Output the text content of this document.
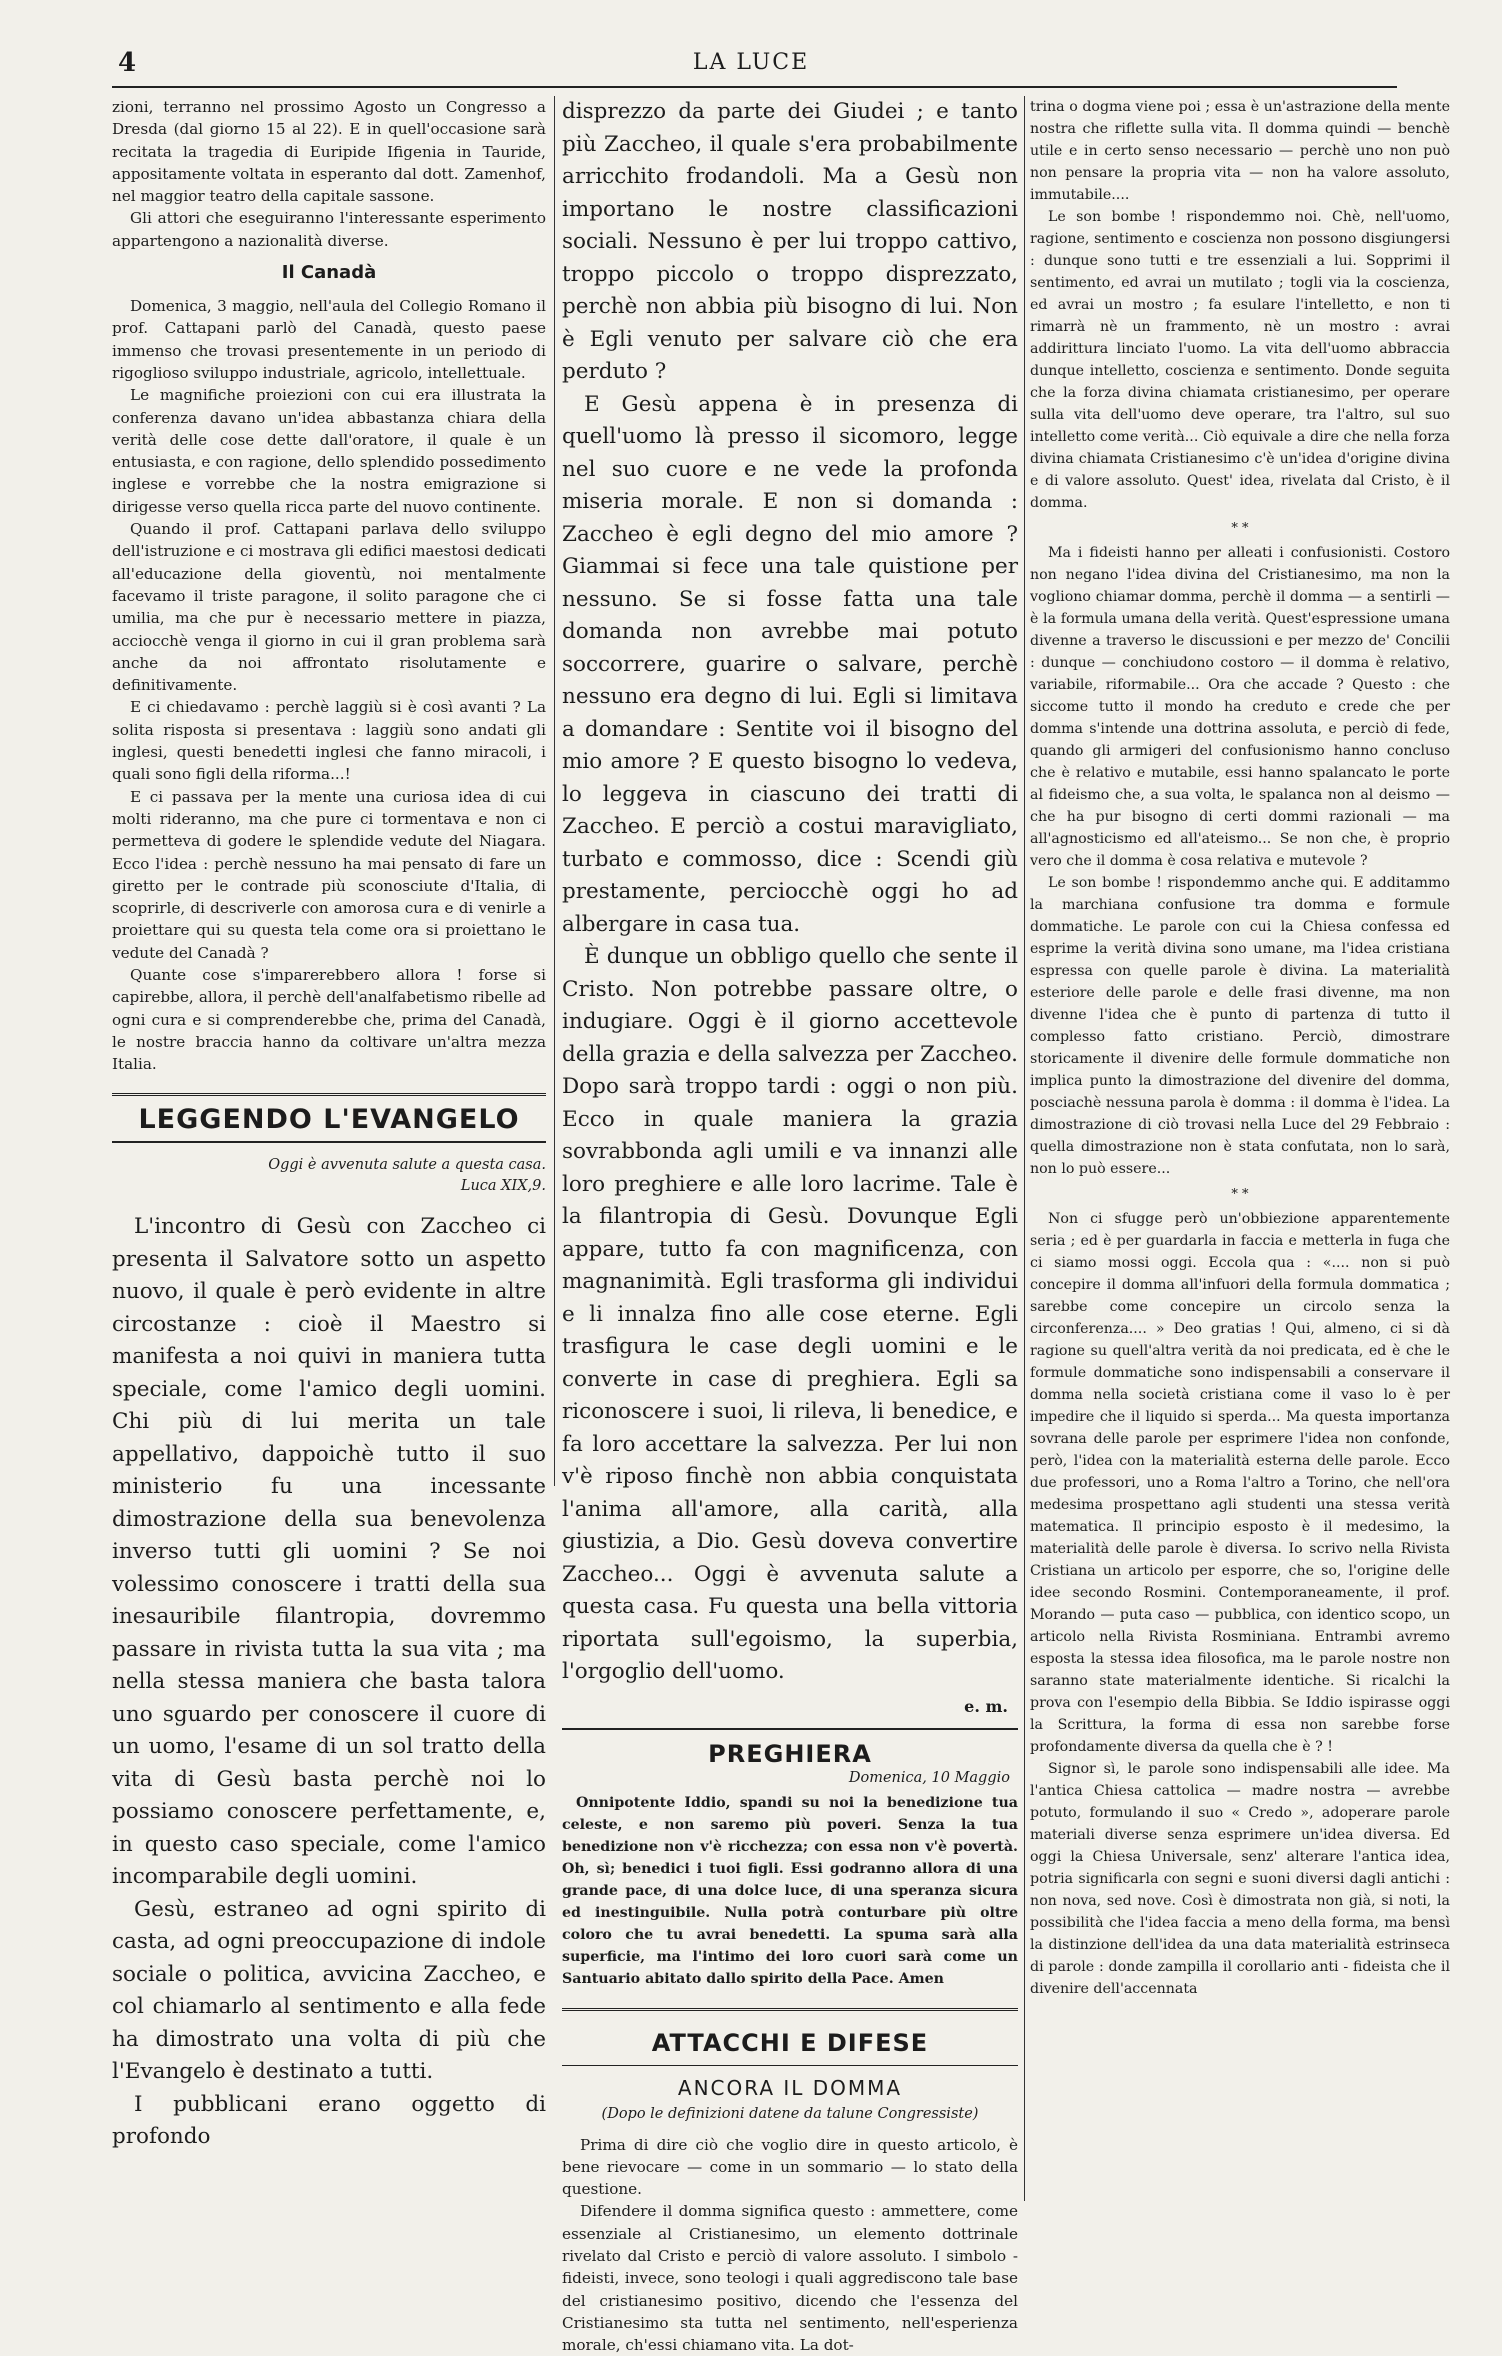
4	LA LUCE

zioni, terranno nel prossimo Agosto un Congresso a Dresda (dal giorno 15 al 22). E in quell'occasione sarà recitata la tragedia di Euripide Ifigenia in Tauride, appositamente voltata in esperanto dal dott. Zamenhof, nel maggior teatro della capitale sassone.

Gli attori che eseguiranno l'interessante esperimento appartengono a nazionalità diverse.

Il Canadà

Domenica, 3 maggio, nell'aula del Collegio Romano il prof. Cattapani parlò del Canadà, questo paese immenso che trovasi presentemente in un periodo di rigoglioso sviluppo industriale, agricolo, intellettuale.

Le magnifiche proiezioni con cui era illustrata la conferenza davano un'idea abbastanza chiara della verità delle cose dette dall'oratore, il quale è un entusiasta, e con ragione, dello splendido possedimento inglese e vorrebbe che la nostra emigrazione si dirigesse verso quella ricca parte del nuovo continente.

Quando il prof. Cattapani parlava dello sviluppo dell'istruzione e ci mostrava gli edifici maestosi dedicati all'educazione della gioventù, noi mentalmente facevamo il triste paragone, il solito paragone che ci umilia, ma che pur è necessario mettere in piazza, acciocchè venga il giorno in cui il gran problema sarà anche da noi affrontato risolutamente e definitivamente.

E ci chiedavamo : perchè laggiù si è così avanti ? La solita risposta si presentava : laggiù sono andati gli inglesi, questi benedetti inglesi che fanno miracoli, i quali sono figli della riforma...!

E ci passava per la mente una curiosa idea di cui molti rideranno, ma che pure ci tormentava e non ci permetteva di godere le splendide vedute del Niagara. Ecco l'idea : perchè nessuno ha mai pensato di fare un giretto per le contrade più sconosciute d'Italia, di scoprirle, di descriverle con amorosa cura e di venirle a proiettare qui su questa tela come ora si proiettano le vedute del Canadà ?

Quante cose s'imparerebbero allora ! forse si capirebbe, allora, il perchè dell'analfabetismo ribelle ad ogni cura e si comprenderebbe che, prima del Canadà, le nostre braccia hanno da coltivare un'altra mezza Italia.

LEGGENDO L'EVANGELO
Oggi è avvenuta salute a questa casa.
Luca XIX,9.

L'incontro di Gesù con Zaccheo ci presenta il Salvatore sotto un aspetto nuovo, il quale è però evidente in altre circostanze : cioè il Maestro si manifesta a noi quivi in maniera tutta speciale, come l'amico degli uomini. Chi più di lui merita un tale appellativo, dappoichè tutto il suo ministerio fu una incessante dimostrazione della sua benevolenza inverso tutti gli uomini ? Se noi volessimo conoscere i tratti della sua inesauribile filantropia, dovremmo passare in rivista tutta la sua vita ; ma nella stessa maniera che basta talora uno sguardo per conoscere il cuore di un uomo, l'esame di un sol tratto della vita di Gesù basta perchè noi lo possiamo conoscere perfettamente, e, in questo caso speciale, come l'amico incomparabile degli uomini.

Gesù, estraneo ad ogni spirito di casta, ad ogni preoccupazione di indole sociale o politica, avvicina Zaccheo, e col chiamarlo al sentimento e alla fede ha dimostrato una volta di più che l'Evangelo è destinato a tutti.

I pubblicani erano oggetto di profondo

disprezzo da parte dei Giudei ; e tanto più Zaccheo, il quale s'era probabilmente arricchito frodandoli. Ma a Gesù non importano le nostre classificazioni sociali. Nessuno è per lui troppo cattivo, troppo piccolo o troppo disprezzato, perchè non abbia più bisogno di lui. Non è Egli venuto per salvare ciò che era perduto ?

E Gesù appena è in presenza di quell'uomo là presso il sicomoro, legge nel suo cuore e ne vede la profonda miseria morale. E non si domanda : Zaccheo è egli degno del mio amore ? Giammai si fece una tale quistione per nessuno. Se si fosse fatta una tale domanda non avrebbe mai potuto soccorrere, guarire o salvare, perchè nessuno era degno di lui. Egli si limitava a domandare : Sentite voi il bisogno del mio amore ? E questo bisogno lo vedeva, lo leggeva in ciascuno dei tratti di Zaccheo. E perciò a costui maravigliato, turbato e commosso, dice : Scendi giù prestamente, perciocchè oggi ho ad albergare in casa tua.

È dunque un obbligo quello che sente il Cristo. Non potrebbe passare oltre, o indugiare. Oggi è il giorno accettevole della grazia e della salvezza per Zaccheo. Dopo sarà troppo tardi : oggi o non più. Ecco in quale maniera la grazia sovrabbonda agli umili e va innanzi alle loro preghiere e alle loro lacrime. Tale è la filantropia di Gesù. Dovunque Egli appare, tutto fa con magnificenza, con magnanimità. Egli trasforma gli individui e li innalza fino alle cose eterne. Egli trasfigura le case degli uomini e le converte in case di preghiera. Egli sa riconoscere i suoi, li rileva, li benedice, e fa loro accettare la salvezza. Per lui non v'è riposo finchè non abbia conquistata l'anima all'amore, alla carità, alla giustizia, a Dio. Gesù doveva convertire Zaccheo... Oggi è avvenuta salute a questa casa. Fu questa una bella vittoria riportata sull'egoismo, la superbia, l'orgoglio dell'uomo.

e. m.
PREGHIERA
Domenica, 10 Maggio

Onnipotente Iddio, spandi su noi la benedizione tua celeste, e non saremo più poveri. Senza la tua benedizione non v'è ricchezza; con essa non v'è povertà. Oh, sì; benedici i tuoi figli. Essi godranno allora di una grande pace, di una dolce luce, di una speranza sicura ed inestinguibile. Nulla potrà conturbare più oltre coloro che tu avrai benedetti. La spuma sarà alla superficie, ma l'intimo dei loro cuori sarà come un Santuario abitato dallo spirito della Pace. Amen

ATTACCHI E DIFESE
ANCORA IL DOMMA
(Dopo le definizioni datene da talune Congressiste)

Prima di dire ciò che voglio dire in questo articolo, è bene rievocare — come in un sommario — lo stato della questione.

Difendere il domma significa questo : ammettere, come essenziale al Cristianesimo, un elemento dottrinale rivelato dal Cristo e perciò di valore assoluto. I simbolo - fideisti, invece, sono teologi i quali aggrediscono tale base del cristianesimo positivo, dicendo che l'essenza del Cristianesimo sta tutta nel sentimento, nell'esperienza morale, ch'essi chiamano vita. La dot-

trina o dogma viene poi ; essa è un'astrazione della mente nostra che riflette sulla vita. Il domma quindi — benchè utile e in certo senso necessario — perchè uno non può non pensare la propria vita — non ha valore assoluto, immutabile....

Le son bombe ! rispondemmo noi. Chè, nell'uomo, ragione, sentimento e coscienza non possono disgiungersi : dunque sono tutti e tre essenziali a lui. Sopprimi il sentimento, ed avrai un mutilato ; togli via la coscienza, ed avrai un mostro ; fa esulare l'intelletto, e non ti rimarrà nè un frammento, nè un mostro : avrai addirittura linciato l'uomo. La vita dell'uomo abbraccia dunque intelletto, coscienza e sentimento. Donde seguita che la forza divina chiamata cristianesimo, per operare sulla vita dell'uomo deve operare, tra l'altro, sul suo intelletto come verità... Ciò equivale a dire che nella forza divina chiamata Cristianesimo c'è un'idea d'origine divina e di valore assoluto. Quest' idea, rivelata dal Cristo, è il domma.

* *

Ma i fideisti hanno per alleati i confusionisti. Costoro non negano l'idea divina del Cristianesimo, ma non la vogliono chiamar domma, perchè il domma — a sentirli — è la formula umana della verità. Quest'espressione umana divenne a traverso le discussioni e per mezzo de' Concilii : dunque — conchiudono costoro — il domma è relativo, variabile, riformabile... Ora che accade ? Questo : che siccome tutto il mondo ha creduto e crede che per domma s'intende una dottrina assoluta, e perciò di fede, quando gli armigeri del confusionismo hanno concluso che è relativo e mutabile, essi hanno spalancato le porte al fideismo che, a sua volta, le spalanca non al deismo — che ha pur bisogno di certi dommi razionali — ma all'agnosticismo ed all'ateismo... Se non che, è proprio vero che il domma è cosa relativa e mutevole ?

Le son bombe ! rispondemmo anche qui. E additammo la marchiana confusione tra domma e formule dommatiche. Le parole con cui la Chiesa confessa ed esprime la verità divina sono umane, ma l'idea cristiana espressa con quelle parole è divina. La materialità esteriore delle parole e delle frasi divenne, ma non divenne l'idea che è punto di partenza di tutto il complesso fatto cristiano. Perciò, dimostrare storicamente il divenire delle formule dommatiche non implica punto la dimostrazione del divenire del domma, posciachè nessuna parola è domma : il domma è l'idea. La dimostrazione di ciò trovasi nella Luce del 29 Febbraio : quella dimostrazione non è stata confutata, non lo sarà, non lo può essere...

* *

Non ci sfugge però un'obbiezione apparentemente seria ; ed è per guardarla in faccia e metterla in fuga che ci siamo mossi oggi. Eccola qua : «.... non si può concepire il domma all'infuori della formula dommatica ; sarebbe come concepire un circolo senza la circonferenza.... » Deo gratias ! Qui, almeno, ci si dà ragione su quell'altra verità da noi predicata, ed è che le formule dommatiche sono indispensabili a conservare il domma nella società cristiana come il vaso lo è per impedire che il liquido si sperda... Ma questa importanza sovrana delle parole per esprimere l'idea non confonde, però, l'idea con la materialità esterna delle parole. Ecco due professori, uno a Roma l'altro a Torino, che nell'ora medesima prospettano agli studenti una stessa verità matematica. Il principio esposto è il medesimo, la materialità delle parole è diversa. Io scrivo nella Rivista Cristiana un articolo per esporre, che so, l'origine delle idee secondo Rosmini. Contemporaneamente, il prof. Morando — puta caso — pubblica, con identico scopo, un articolo nella Rivista Rosminiana. Entrambi avremo esposta la stessa idea filosofica, ma le parole nostre non saranno state materialmente identiche. Si ricalchi la prova con l'esempio della Bibbia. Se Iddio ispirasse oggi la Scrittura, la forma di essa non sarebbe forse profondamente diversa da quella che è ? !

Signor sì, le parole sono indispensabili alle idee. Ma l'antica Chiesa cattolica — madre nostra — avrebbe potuto, formulando il suo « Credo », adoperare parole materiali diverse senza esprimere un'idea diversa. Ed oggi la Chiesa Universale, senz' alterare l'antica idea, potria significarla con segni e suoni diversi dagli antichi : non nova, sed nove. Così è dimostrata non già, si noti, la possibilità che l'idea faccia a meno della forma, ma bensì la distinzione dell'idea da una data materialità estrinseca di parole : donde zampilla il corollario anti - fideista che il divenire dell'accennata
